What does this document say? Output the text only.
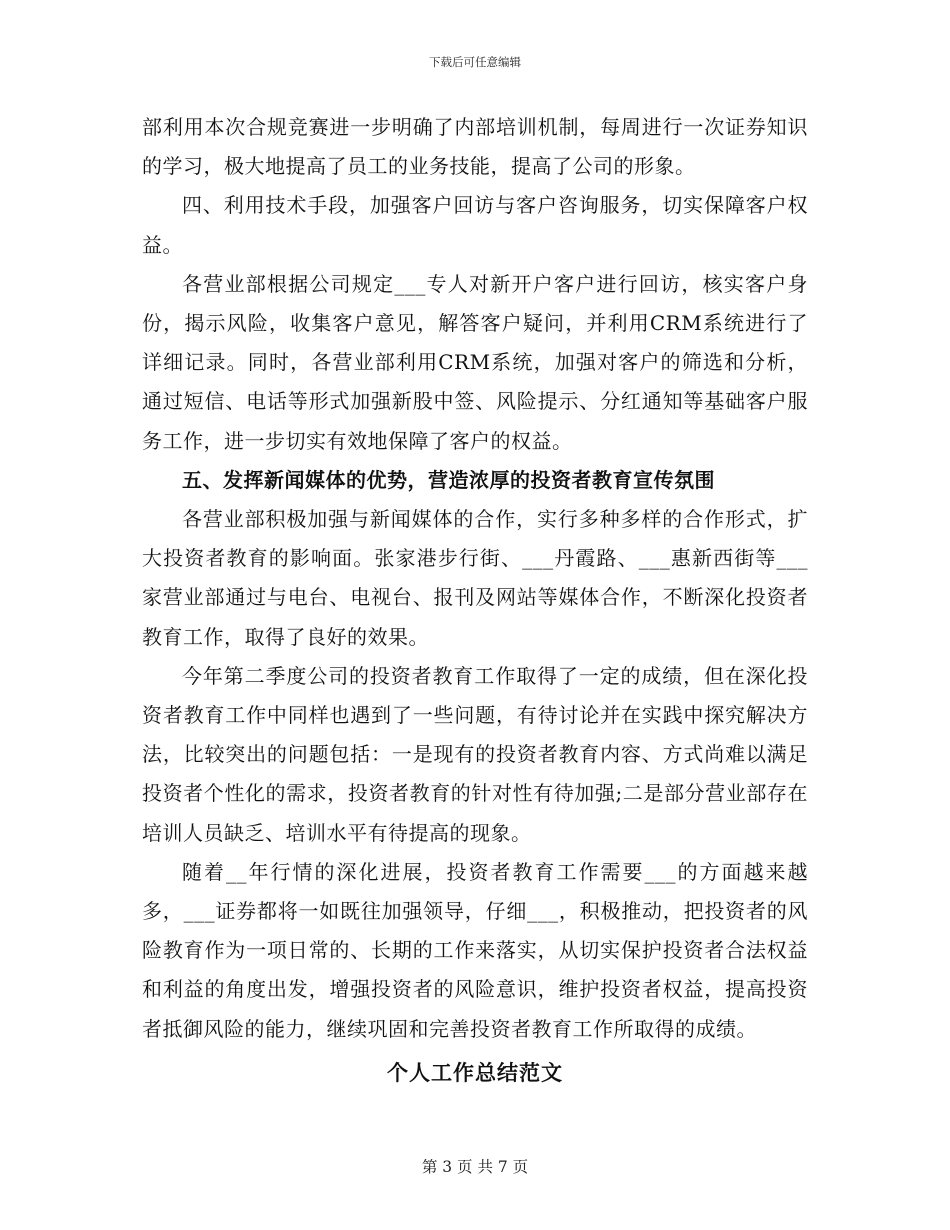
下载后可任意编辑

部利用本次合规竞赛进一步明确了内部培训机制，每周进行一次证券知识的学习，极大地提高了员工的业务技能，提高了公司的形象。

四、利用技术手段，加强客户回访与客户咨询服务，切实保障客户权益。

各营业部根据公司规定___专人对新开户客户进行回访，核实客户身份，揭示风险，收集客户意见，解答客户疑问，并利用CRM系统进行了详细记录。同时，各营业部利用CRM系统，加强对客户的筛选和分析，通过短信、电话等形式加强新股中签、风险提示、分红通知等基础客户服务工作，进一步切实有效地保障了客户的权益。

五、发挥新闻媒体的优势，营造浓厚的投资者教育宣传氛围

各营业部积极加强与新闻媒体的合作，实行多种多样的合作形式，扩大投资者教育的影响面。张家港步行街、___丹霞路、___惠新西街等___家营业部通过与电台、电视台、报刊及网站等媒体合作，不断深化投资者教育工作，取得了良好的效果。

今年第二季度公司的投资者教育工作取得了一定的成绩，但在深化投资者教育工作中同样也遇到了一些问题，有待讨论并在实践中探究解决方法，比较突出的问题包括：一是现有的投资者教育内容、方式尚难以满足投资者个性化的需求，投资者教育的针对性有待加强;二是部分营业部存在培训人员缺乏、培训水平有待提高的现象。

随着__年行情的深化进展，投资者教育工作需要___的方面越来越多，___证券都将一如既往加强领导，仔细___，积极推动，把投资者的风险教育作为一项日常的、长期的工作来落实，从切实保护投资者合法权益和利益的角度出发，增强投资者的风险意识，维护投资者权益，提高投资者抵御风险的能力，继续巩固和完善投资者教育工作所取得的成绩。

个人工作总结范文

第 3 页 共 7 页
